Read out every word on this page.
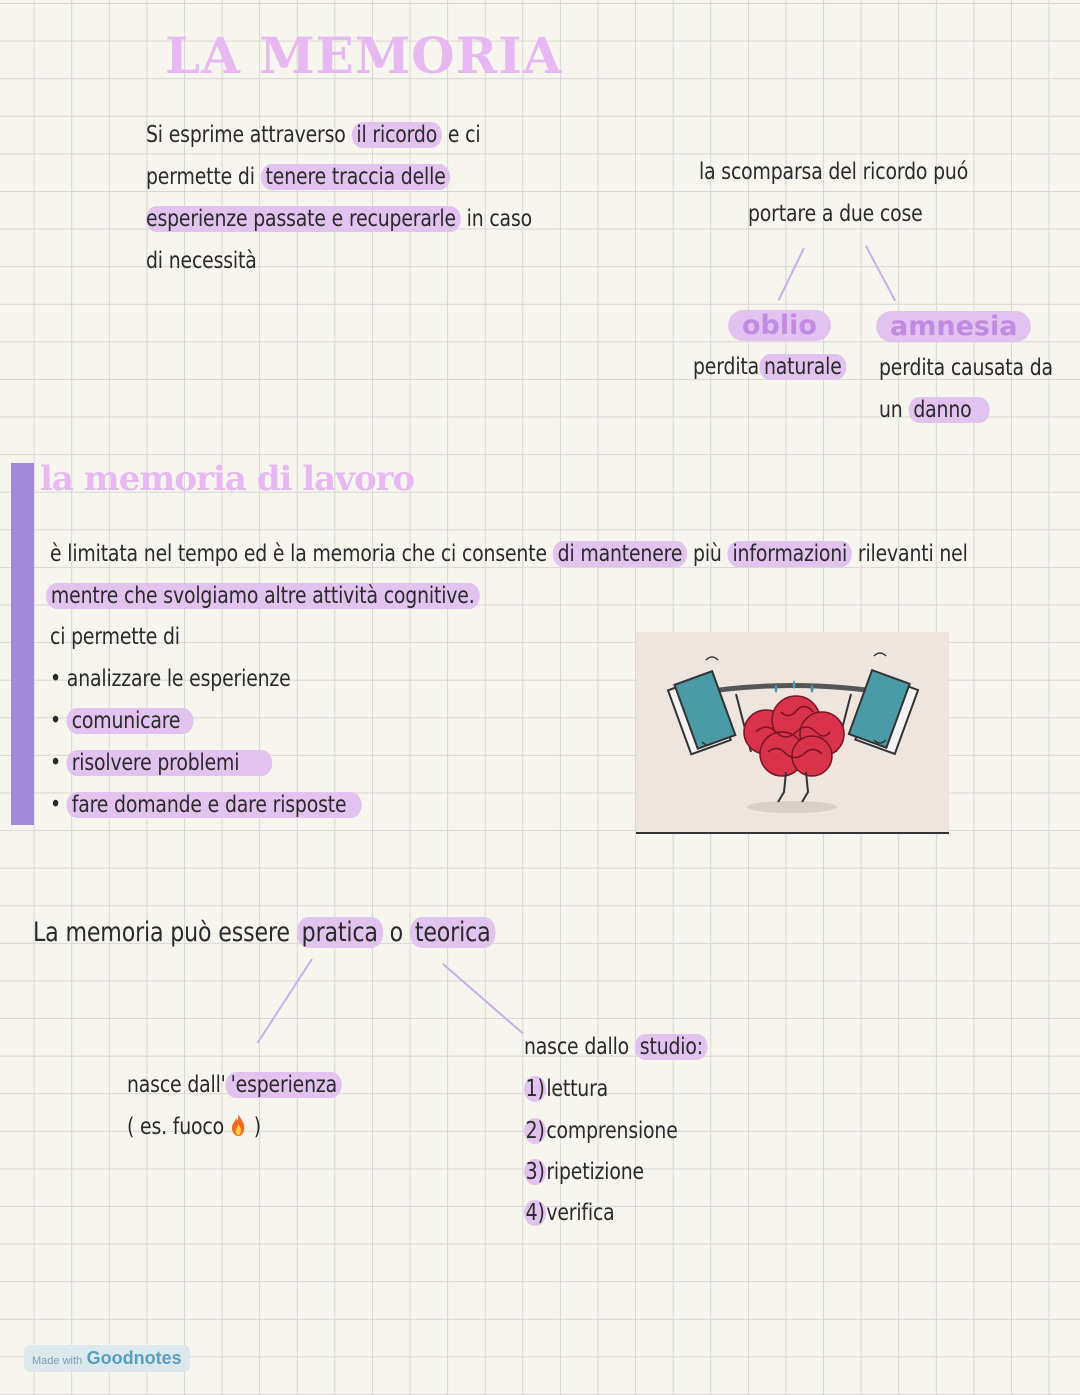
LA MEMORIA
Si esprime attraverso il ricordo e ci
permette di tenere traccia delle
esperienze passate e recuperarle in caso
di necessità
la scomparsa del ricordo puó
portare a due cose
oblio	amnesia
perdita naturale perdita causata da
un danno
la memoria di lavoro
è limitata nel tempo ed è la memoria che ci consente di mantenere più informazioni rilevanti nel
mentre che svolgiamo altre attività cognitive.
ci permette di
• analizzare le esperienze
• comunicare
• risolvere problemi
• fare domande e dare risposte
La memoria può essere pratica o teorica
nasce dall' 'esperienza
( es. fuoco )
nasce dallo studio:
1)lettura
2)comprensione
3)ripetizione
4)verifica
Made with Goodnotes
